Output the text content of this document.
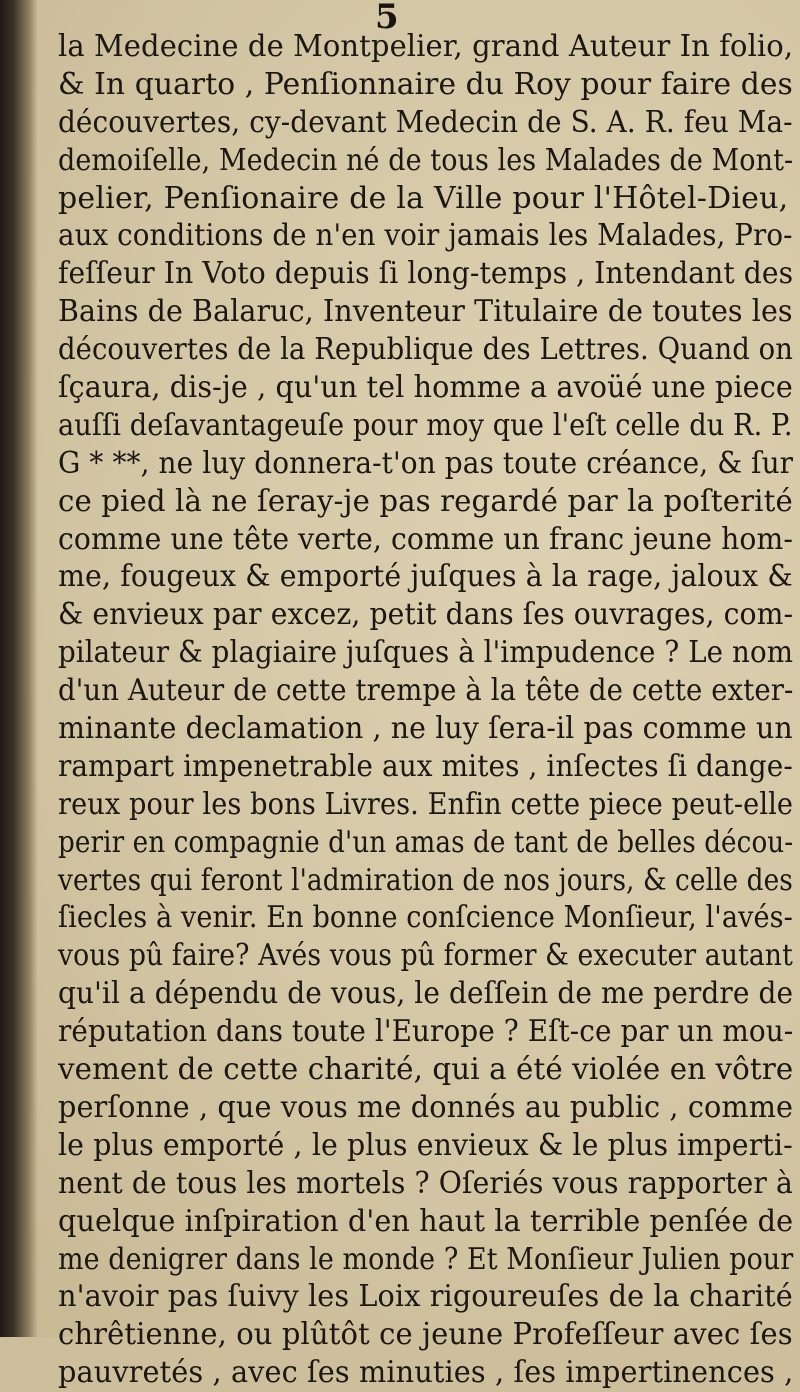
5
la Medecine de Montpelier, grand Auteur In folio,
& In quarto , Penſionnaire du Roy pour faire des
découvertes, cy-devant Medecin de S. A. R. feu Ma-
demoiſelle, Medecin né de tous les Malades de Mont-
pelier, Penſionaire de la Ville pour l'Hôtel-Dieu,
aux conditions de n'en voir jamais les Malades, Pro-
feſſeur In Voto depuis ſi long-temps , Intendant des
Bains de Balaruc, Inventeur Titulaire de toutes les
découvertes de la Republique des Lettres. Quand on
ſçaura, dis-je , qu'un tel homme a avoüé une piece
auſſi deſavantageuſe pour moy que l'eſt celle du R. P.
G * **, ne luy donnera-t'on pas toute créance, & ſur
ce pied là ne ſeray-je pas regardé par la poſterité
comme une tête verte, comme un franc jeune hom-
me, fougeux & emporté juſques à la rage, jaloux &
& envieux par excez, petit dans ſes ouvrages, com-
pilateur & plagiaire juſques à l'impudence ? Le nom
d'un Auteur de cette trempe à la tête de cette exter-
minante declamation , ne luy ſera-il pas comme un
rampart impenetrable aux mites , inſectes ſi dange-
reux pour les bons Livres. Enfin cette piece peut-elle
perir en compagnie d'un amas de tant de belles décou-
vertes qui feront l'admiration de nos jours, & celle des
ſiecles à venir. En bonne conſcience Monſieur, l'avés-
vous pû faire? Avés vous pû former & executer autant
qu'il a dépendu de vous, le deſſein de me perdre de
réputation dans toute l'Europe ? Eſt-ce par un mou-
vement de cette charité, qui a été violée en vôtre
perſonne , que vous me donnés au public , comme
le plus emporté , le plus envieux & le plus imperti-
nent de tous les mortels ? Oſeriés vous rapporter à
quelque inſpiration d'en haut la terrible penſée de
me denigrer dans le monde ? Et Monſieur Julien pour
n'avoir pas ſuivy les Loix rigoureuſes de la charité
chrêtienne, ou plûtôt ce jeune Profeſſeur avec ſes
pauvretés , avec ſes minuties , ſes impertinences ,
